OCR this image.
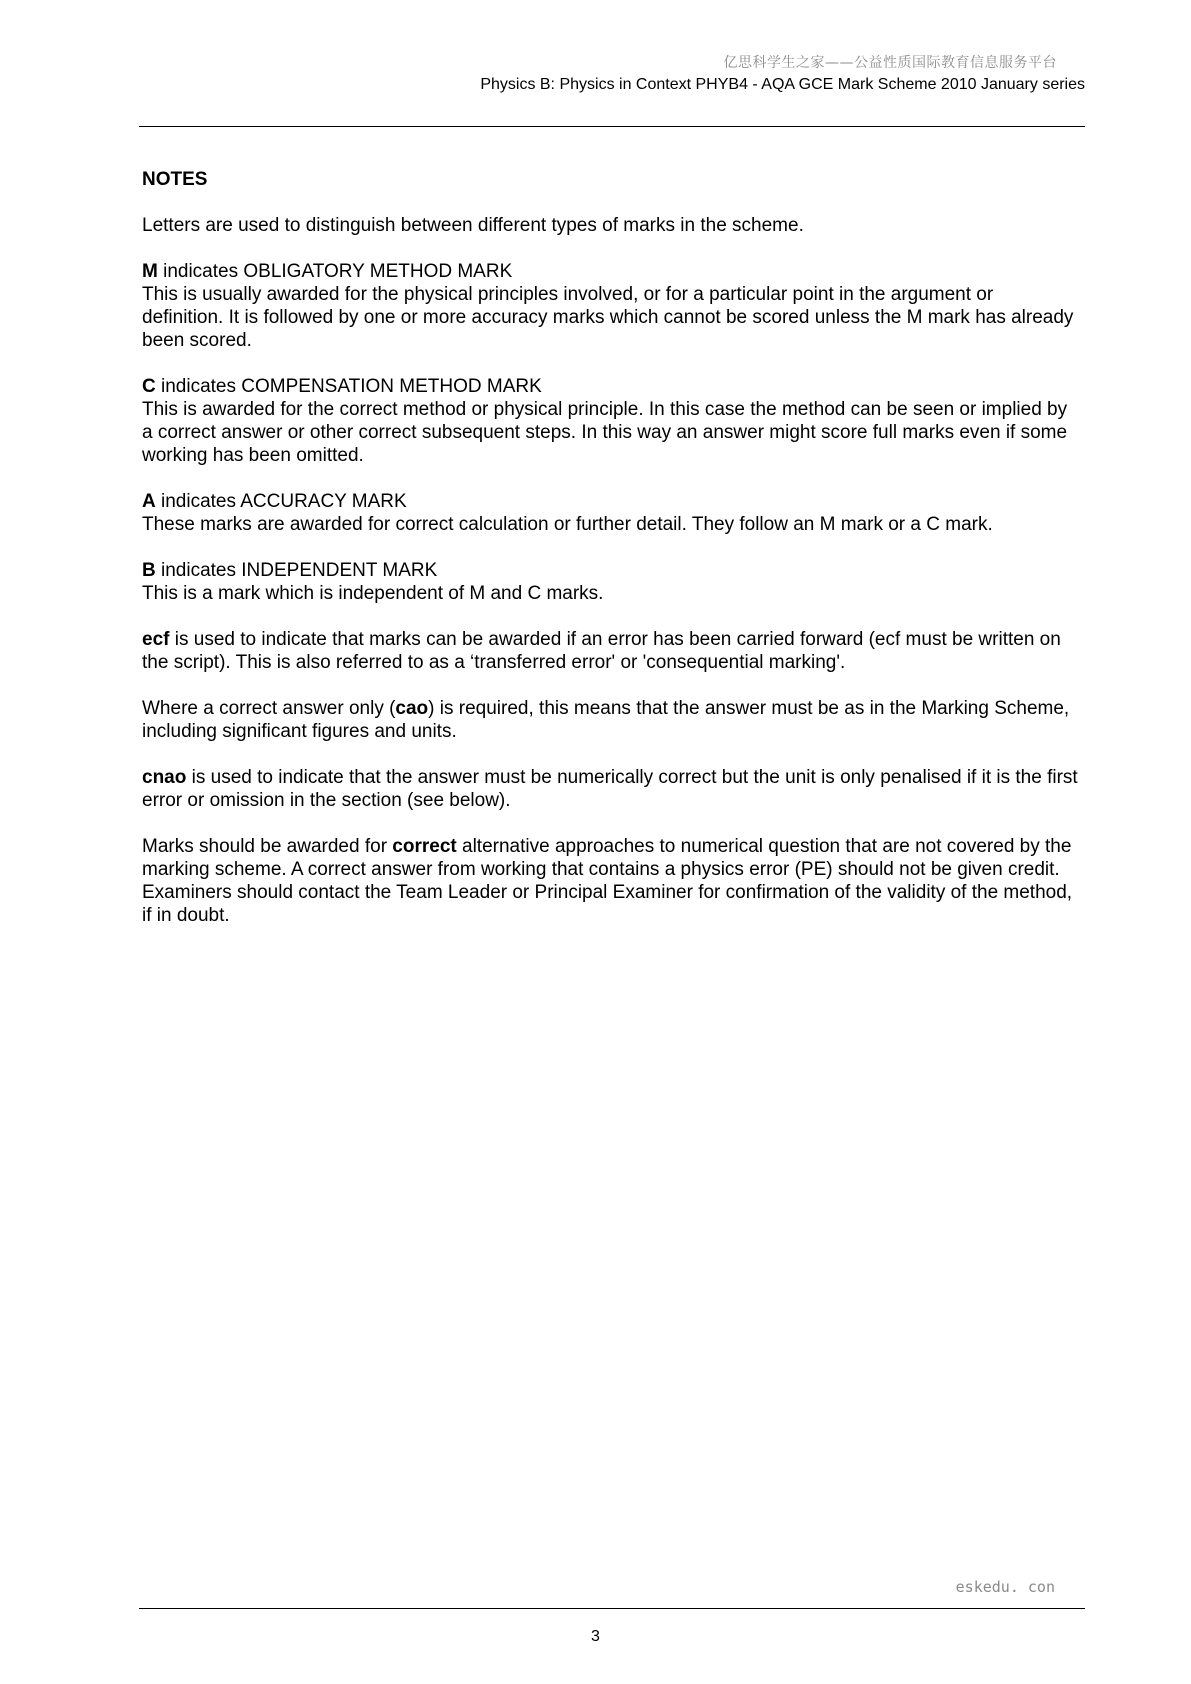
亿思科学生之家——公益性质国际教育信息服务平台
Physics B: Physics in Context PHYB4 - AQA GCE Mark Scheme 2010 January series
NOTES

Letters are used to distinguish between different types of marks in the scheme.

M indicates OBLIGATORY METHOD MARK
This is usually awarded for the physical principles involved, or for a particular point in the argument or definition. It is followed by one or more accuracy marks which cannot be scored unless the M mark has already been scored.

C indicates COMPENSATION METHOD MARK
This is awarded for the correct method or physical principle. In this case the method can be seen or implied by a correct answer or other correct subsequent steps. In this way an answer might score full marks even if some working has been omitted.

A indicates ACCURACY MARK
These marks are awarded for correct calculation or further detail. They follow an M mark or a C mark.

B indicates INDEPENDENT MARK
This is a mark which is independent of M and C marks.

ecf is used to indicate that marks can be awarded if an error has been carried forward (ecf must be written on the script). This is also referred to as a ‘transferred error' or 'consequential marking'.

Where a correct answer only (cao) is required, this means that the answer must be as in the Marking Scheme, including significant figures and units.

cnao is used to indicate that the answer must be numerically correct but the unit is only penalised if it is the first error or omission in the section (see below).

Marks should be awarded for correct alternative approaches to numerical question that are not covered by the marking scheme. A correct answer from working that contains a physics error (PE) should not be given credit. Examiners should contact the Team Leader or Principal Examiner for confirmation of the validity of the method, if in doubt.

eskedu. con
3
